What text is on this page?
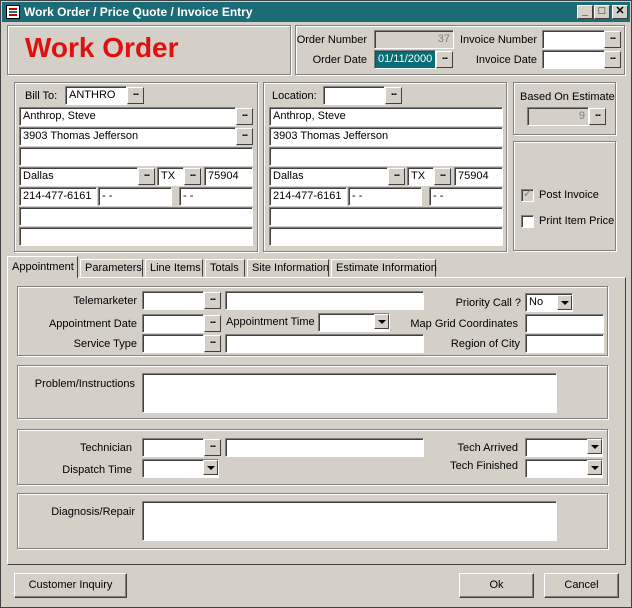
Work Order / Price Quote / Invoice Entry	_ □ ✕
Work Order	Order Number	37
Order Date	01/11/2000 ...
Invoice Number	...
Invoice Date	...
Bill To:	ANTHRO	...
Anthrop, Steve	...
3903 Thomas Jefferson	...
Dallas	...	TX	...	75904
214-477-6161 - -	- -
Location:	...
Anthrop, Steve
3903 Thomas Jefferson
Dallas	...	TX	...	75904
214-477-6161 - -	- -
Based On Estimate
9 ...
✓
Post Invoice
Print Item Price
Appointment	Parameters Line Items Totals	Site Information Estimate Information
Telemarketer	...
Appointment Date	... Appointment Time
Service Type	...
Priority Call ? No
Map Grid Coordinates
Region of City
Problem/Instructions
Technician	...
Dispatch Time
Tech Arrived
Tech Finished
Diagnosis/Repair
Customer Inquiry	Ok	Cancel
